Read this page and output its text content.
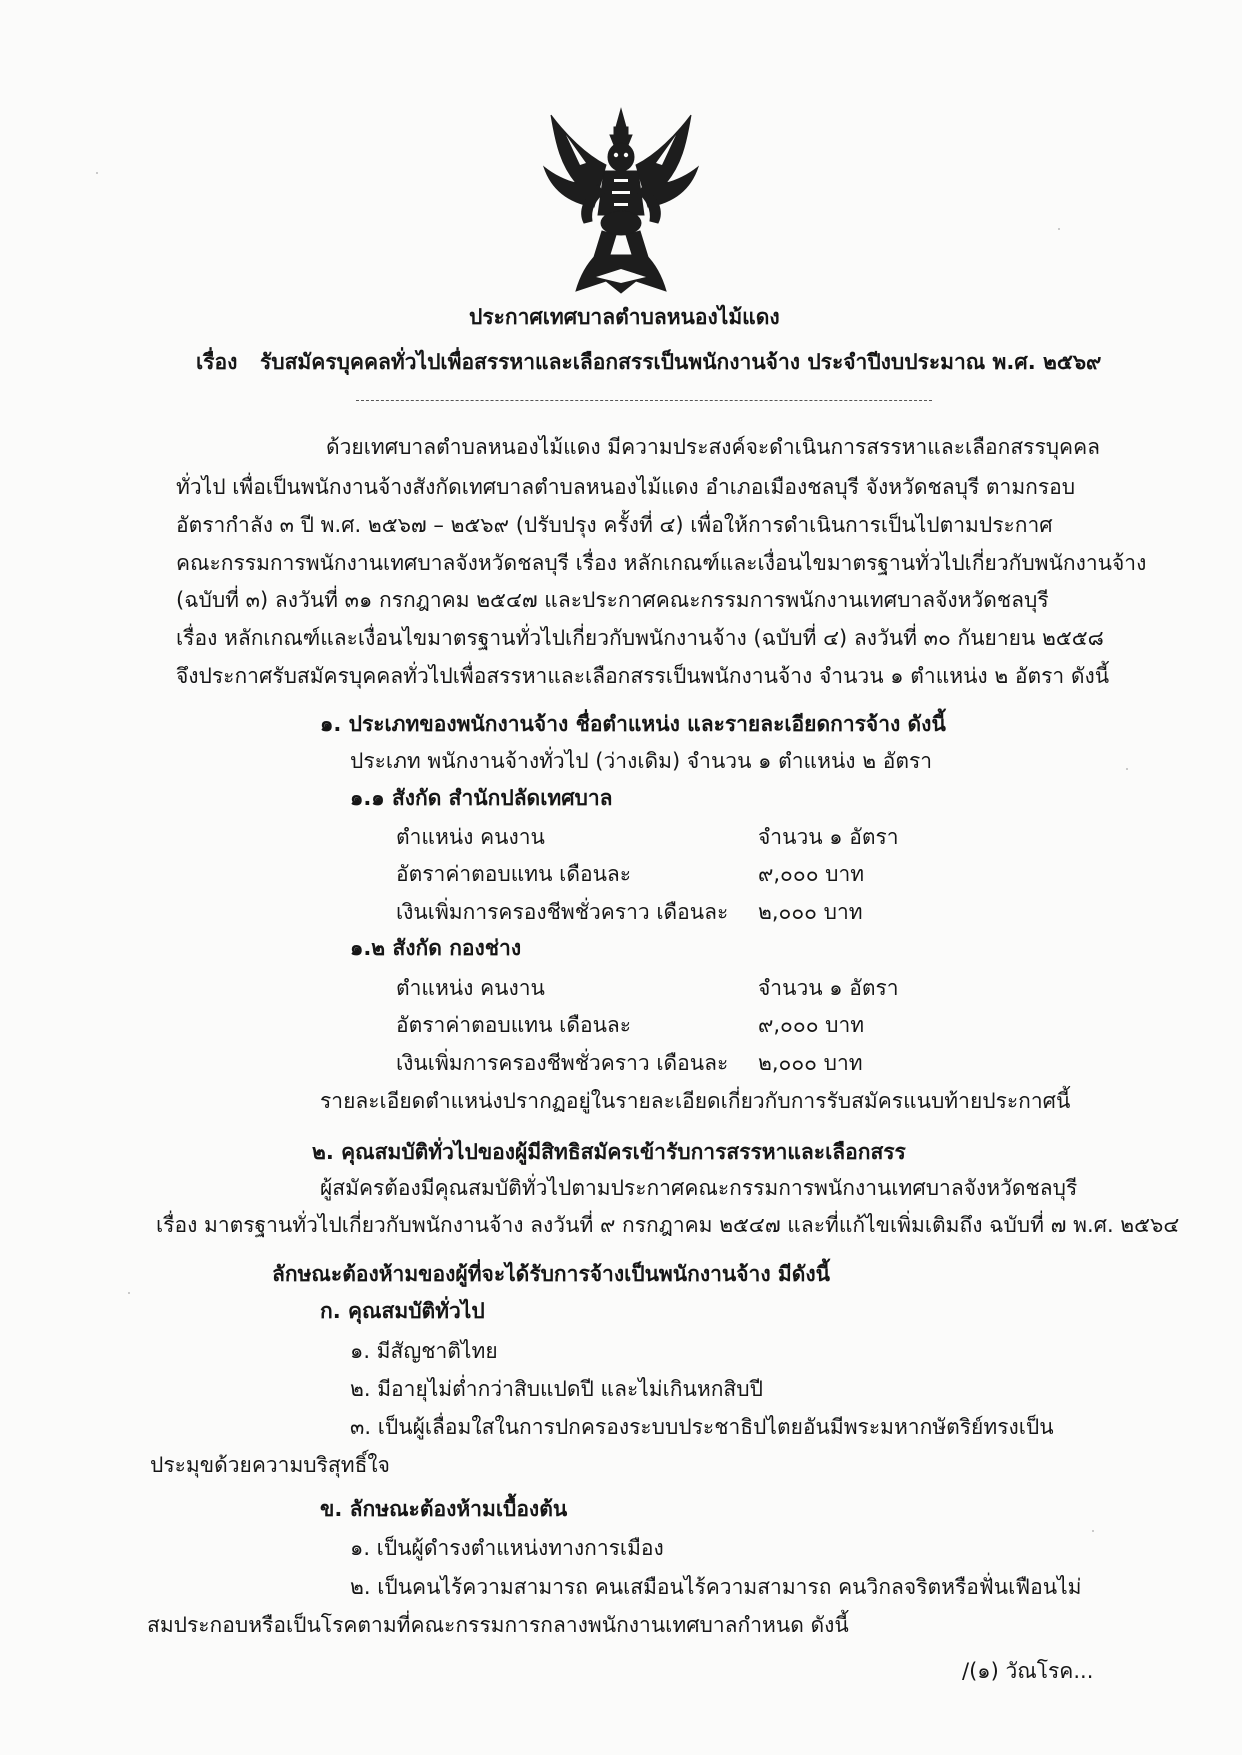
ประกาศเทศบาลตำบลหนองไม้แดง
เรื่อง รับสมัครบุคคลทั่วไปเพื่อสรรหาและเลือกสรรเป็นพนักงานจ้าง ประจำปีงบประมาณ พ.ศ. ๒๕๖๙
ด้วยเทศบาลตำบลหนองไม้แดง มีความประสงค์จะดำเนินการสรรหาและเลือกสรรบุคคล
ทั่วไป เพื่อเป็นพนักงานจ้างสังกัดเทศบาลตำบลหนองไม้แดง อำเภอเมืองชลบุรี จังหวัดชลบุรี ตามกรอบ
อัตรากำลัง ๓ ปี พ.ศ. ๒๕๖๗ – ๒๕๖๙ (ปรับปรุง ครั้งที่ ๔) เพื่อให้การดำเนินการเป็นไปตามประกาศ
คณะกรรมการพนักงานเทศบาลจังหวัดชลบุรี เรื่อง หลักเกณฑ์และเงื่อนไขมาตรฐานทั่วไปเกี่ยวกับพนักงานจ้าง
(ฉบับที่ ๓) ลงวันที่ ๓๑ กรกฎาคม ๒๕๔๗ และประกาศคณะกรรมการพนักงานเทศบาลจังหวัดชลบุรี
เรื่อง หลักเกณฑ์และเงื่อนไขมาตรฐานทั่วไปเกี่ยวกับพนักงานจ้าง (ฉบับที่ ๔) ลงวันที่ ๓๐ กันยายน ๒๕๕๘
จึงประกาศรับสมัครบุคคลทั่วไปเพื่อสรรหาและเลือกสรรเป็นพนักงานจ้าง จำนวน ๑ ตำแหน่ง ๒ อัตรา ดังนี้
๑. ประเภทของพนักงานจ้าง ชื่อตำแหน่ง และรายละเอียดการจ้าง ดังนี้
ประเภท พนักงานจ้างทั่วไป (ว่างเดิม) จำนวน ๑ ตำแหน่ง ๒ อัตรา
๑.๑ สังกัด สำนักปลัดเทศบาล
ตำแหน่ง คนงาน	จำนวน ๑ อัตรา
อัตราค่าตอบแทน เดือนละ	๙,๐๐๐ บาท
เงินเพิ่มการครองชีพชั่วคราว เดือนละ ๒,๐๐๐ บาท
๑.๒ สังกัด กองช่าง
ตำแหน่ง คนงาน	จำนวน ๑ อัตรา
อัตราค่าตอบแทน เดือนละ	๙,๐๐๐ บาท
เงินเพิ่มการครองชีพชั่วคราว เดือนละ ๒,๐๐๐ บาท
รายละเอียดตำแหน่งปรากฏอยู่ในรายละเอียดเกี่ยวกับการรับสมัครแนบท้ายประกาศนี้
๒. คุณสมบัติทั่วไปของผู้มีสิทธิสมัครเข้ารับการสรรหาและเลือกสรร
ผู้สมัครต้องมีคุณสมบัติทั่วไปตามประกาศคณะกรรมการพนักงานเทศบาลจังหวัดชลบุรี
เรื่อง มาตรฐานทั่วไปเกี่ยวกับพนักงานจ้าง ลงวันที่ ๙ กรกฎาคม ๒๕๔๗ และที่แก้ไขเพิ่มเติมถึง ฉบับที่ ๗ พ.ศ. ๒๕๖๔
ลักษณะต้องห้ามของผู้ที่จะได้รับการจ้างเป็นพนักงานจ้าง มีดังนี้
ก. คุณสมบัติทั่วไป
๑. มีสัญชาติไทย
๒. มีอายุไม่ต่ำกว่าสิบแปดปี และไม่เกินหกสิบปี
๓. เป็นผู้เลื่อมใสในการปกครองระบบประชาธิปไตยอันมีพระมหากษัตริย์ทรงเป็น
ประมุขด้วยความบริสุทธิ์ใจ
ข. ลักษณะต้องห้ามเบื้องต้น
๑. เป็นผู้ดำรงตำแหน่งทางการเมือง
๒. เป็นคนไร้ความสามารถ คนเสมือนไร้ความสามารถ คนวิกลจริตหรือฟั่นเฟือนไม่
สมประกอบหรือเป็นโรคตามที่คณะกรรมการกลางพนักงานเทศบาลกำหนด ดังนี้
/(๑) วัณโรค...
